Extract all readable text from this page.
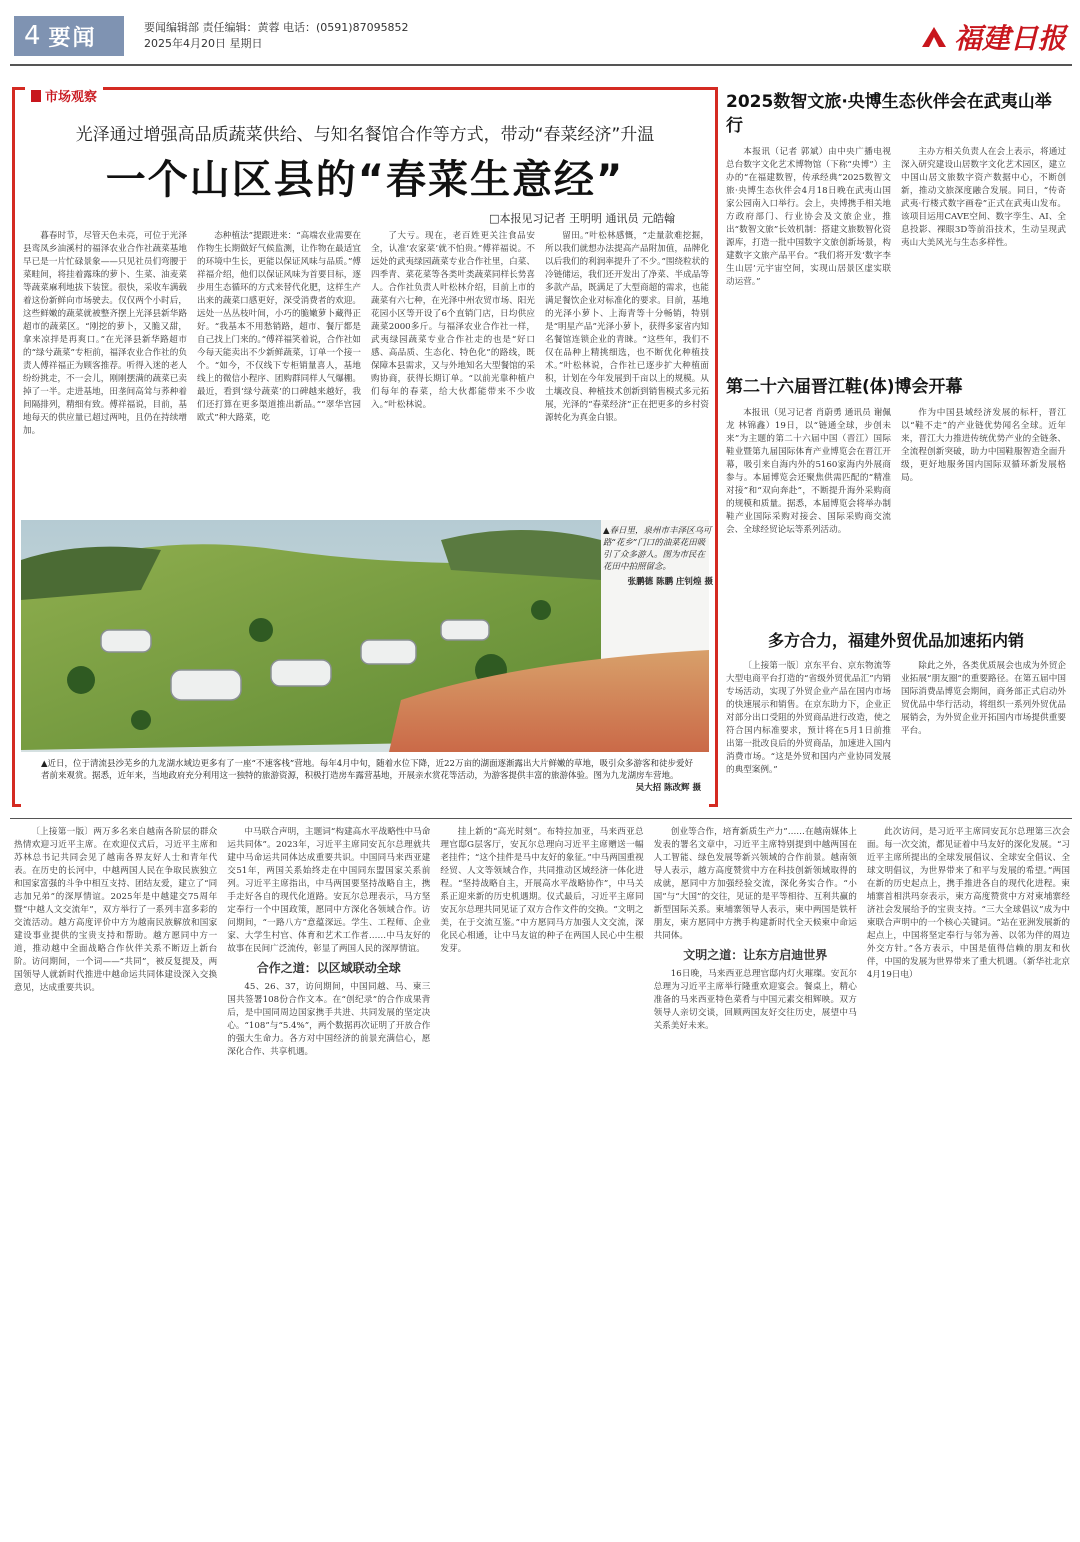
4 要闻	要闻编辑部 责任编辑：黄蓉 电话：(0591)87095852
2025年4月20日 星期日	福建日报
市场观察
光泽通过增强高品质蔬菜供给、与知名餐馆合作等方式，带动“春菜经济”升温
一个山区县的“春菜生意经”
□本报见习记者 王明明 通讯员 元皓翰

暮春时节，尽管天色未亮，可位于光泽县鸾凤乡油溪村的福泽农业合作社蔬菜基地早已是一片忙碌景象——只见社员们弯腰于菜畦间，将挂着露珠的萝卜、生菜、油麦菜等蔬菜麻利地拔下装筐。很快，采收车满载着这份新鲜向市场驶去。仅仅两个小时后，这些鲜嫩的蔬菜就被整齐摆上光泽县新华路超市的蔬菜区。“刚挖的萝卜，又脆又甜，拿来凉拌是再爽口。”在光泽县新华路超市的“绿兮蔬菜”专柜前，福泽农业合作社的负责人傅祥福正为顾客推荐。听得入迷的老人纷纷挑走，不一会儿，刚刚摆满的蔬菜已卖掉了一半。走进基地，田垄间高耸与荞种着间隔排列，精细有致。傅祥福说，目前，基地每天的供应量已超过两吨，且仍在持续增加。

态种植法”提跟进来：“高端农业需要在作物生长期做好气候监测，让作物在最适宜的环境中生长，更能以保证风味与品质。”傅祥福介绍，他们以保证风味为首要目标，逐步用生态循环的方式来替代化肥，这样生产出来的蔬菜口感更好，深受消费者的欢迎。远处一丛丛枝叶间，小巧的脆嫩萝卜藏得正好。“我基本不用愁销路，超市、餐厅都是自己找上门来的。”傅祥福笑着说，合作社如今每天能卖出不少新鲜蔬菜，订单一个接一个。“如今，不仅线下专柜销量喜人，基地线上的微信小程序、团购群同样人气爆棚。最近，看到‘绿兮蔬菜’的口碑越来越好，我们还打算在更多渠道推出新品。”“翠华宫园欧式”种大路菜，吃

了大亏。现在，老百姓更关注食品安全，认准‘农家菜’就不怕贵。”傅祥福说。不远处的武夷绿园蔬菜专业合作社里，白菜、四季青、菜花菜等各类叶类蔬菜同样长势喜人。合作社负责人叶松林介绍，目前上市的蔬菜有六七种，在光泽中州农贸市场、阳光花园小区等开设了6个直销门店，日均供应蔬菜2000多斤。与福泽农业合作社一样，武夷绿园蔬菜专业合作社走的也是“好口感、高品质、生态化、特色化”的路线，既保障本县需求，又与外地知名大型餐馆的采购协商，获得长期订单。“以前光靠种植户们每年的春菜，给大伙都能带来不少收入。”叶松林说。

留田。”叶松林感慨，“走量款难挖掘，所以我们就想办法提高产品附加值，品牌化以后我们的利润率提升了不少。”围绕粒状的冷链储运，我们还开发出了净菜、半成品等多款产品，既满足了大型商超的需求，也能满足餐饮企业对标准化的要求。目前，基地的光泽小萝卜、上海青等十分畅销，特别是“明星产品”光泽小萝卜，获得多家省内知名餐馆连锁企业的青睐。“这些年，我们不仅在品种上精挑细选，也不断优化种植技术。”叶松林说，合作社已逐步扩大种植面积，计划在今年发展到千亩以上的规模。从土壤改良、种植技术创新到销售模式多元拓展，光泽的“春菜经济”正在把更多的乡村资源转化为真金白银。

▲春日里，泉州市丰泽区乌可路“花乡”门口的油菜花田吸引了众多游人。图为市民在花田中拍照留念。

张鹏德 陈鹏 庄钊煌 摄
▲近日，位于清流县沙芜乡的九龙湖水域边更多有了一座“不速客栈”营地。每年4月中旬，随着水位下降，近22万亩的湖面逐渐露出大片鲜嫩的草地，吸引众多游客和徒步爱好者前来观赏。据悉，近年来，当地政府充分利用这一独特的旅游资源，积极打造房车露营基地，开展亲水赏花等活动，为游客提供丰富的旅游体验。图为九龙湖房车营地。
吴大招 陈改辉 摄
2025数智文旅·央博生态伙伴会在武夷山举行

本报讯（记者 郭斌）由中央广播电视总台数字文化艺术博物馆（下称“央博”）主办的“在福建数智，传承经典”2025数智文旅·央博生态伙伴会4月18日晚在武夷山国家公园南入口举行。会上，央博携手相关地方政府部门、行业协会及文旅企业，推出“数智文旅”长效机制：搭建文旅数智化资源库，打造一批中国数字文旅创新场景，构建数字文旅产品平台。“我们将开发‘数字李生山居’元宇宙空间，实现山居景区虚实联动运营。”

主办方相关负责人在会上表示，将通过深入研究建设山居数字文化艺术园区，建立中国山居文旅数字资产数据中心，不断创新，推动文旅深度融合发展。同日，“传奇武夷·行楼式数字画卷”正式在武夷山发布。该项目运用CAVE空间、数字孪生、AI、全息投影、裸眼3D等前沿技术，生动呈现武夷山大美风光与生态多样性。

第二十六届晋江鞋(体)博会开幕

本报讯（见习记者 肖蔚勇 通讯员 谢佩龙 林锦鑫）19日，以“链通全球，步创未来”为主题的第二十六届中国（晋江）国际鞋业暨第九届国际体育产业博览会在晋江开幕，吸引来自海内外的5160家海内外展商参与。本届博览会还聚焦供需匹配的“精准对接”和“双向奔赴”，不断提升海外采购商的规模和质量。据悉，本届博览会将举办制鞋产业国际采购对接会、国际采购商交流会、全球经贸论坛等系列活动。

作为中国县域经济发展的标杆，晋江以“鞋不走”的产业链优势闻名全球。近年来，晋江大力推进传统优势产业的全链条、全流程创新突破，助力中国鞋服智造全面升级，更好地服务国内国际双循环新发展格局。

多方合力，福建外贸优品加速拓内销

〔上接第一版〕京东平台、京东物流等大型电商平台打造的“省级外贸优品汇”内销专场活动，实现了外贸企业产品在国内市场的快速展示和销售。在京东助力下，企业正对部分出口受阻的外贸商品进行改造，使之符合国内标准要求，预计将在5月1日前推出第一批改良后的外贸商品，加速进入国内消费市场。“这是外贸和国内产业协同发展的典型案例。”

除此之外，各类优质展会也成为外贸企业拓展“朋友圈”的重要路径。在第五届中国国际消费品博览会期间，商务部正式启动外贸优品中华行活动，将组织一系列外贸优品展销会，为外贸企业开拓国内市场提供重要平台。

〔上接第一版〕两万多名来自越南各阶层的群众热情欢迎习近平主席。在欢迎仪式后，习近平主席和苏林总书记共同会见了越南各界友好人士和青年代表。在历史的长河中，中越两国人民在争取民族独立和国家富强的斗争中相互支持、团结友爱，建立了“同志加兄弟”的深厚情谊。2025年是中越建交75周年暨“中越人文交流年”，双方举行了一系列丰富多彩的交流活动。越方高度评价中方为越南民族解放和国家建设事业提供的宝贵支持和帮助。越方愿同中方一道，推动越中全面战略合作伙伴关系不断迈上新台阶。访问期间，一个词——“共同”，被反复提及，两国领导人就新时代推进中越命运共同体建设深入交换意见，达成重要共识。

中马联合声明，主题词“构建高水平战略性中马命运共同体”。2023年，习近平主席同安瓦尔总理就共建中马命运共同体达成重要共识。中国同马来西亚建交51年，两国关系始终走在中国同东盟国家关系前列。习近平主席指出，中马两国要坚持战略自主，携手走好各自的现代化道路。安瓦尔总理表示，马方坚定奉行一个中国政策，愿同中方深化各领域合作。访问期间，“一路八方”意蕴深远。学生、工程师、企业家、大学生村官、体育和艺术工作者……中马友好的故事在民间广泛流传，彰显了两国人民的深厚情谊。

合作之道：以区域联动全球

45、26、37，访问期间，中国同越、马、柬三国共签署108份合作文本。在“创纪录”的合作成果背后，是中国同周边国家携手共进、共同发展的坚定决心。“108”与“5.4%”，两个数据再次证明了开放合作的强大生命力。各方对中国经济的前景充满信心，愿深化合作、共享机遇。

挂上新的“高光时刻”。布特拉加亚，马来西亚总理官邸G层客厅，安瓦尔总理向习近平主席赠送一幅老挂件；“这个挂件是马中友好的象征。”中马两国重视经贸、人文等领域合作，共同推动区域经济一体化进程。“坚持战略自主，开展高水平战略协作”，中马关系正迎来新的历史机遇期。仪式最后，习近平主席同安瓦尔总理共同见证了双方合作文件的交换。“文明之美，在于交流互鉴。”中方愿同马方加强人文交流，深化民心相通，让中马友谊的种子在两国人民心中生根发芽。

创业等合作，培育新质生产力”……在越南媒体上发表的署名文章中，习近平主席特别提到中越两国在人工智能、绿色发展等新兴领域的合作前景。越南领导人表示，越方高度赞赏中方在科技创新领域取得的成就，愿同中方加强经验交流，深化务实合作。“小国”与“大国”的交往，见证的是平等相待、互利共赢的新型国际关系。柬埔寨领导人表示，柬中两国是铁杆朋友，柬方愿同中方携手构建新时代全天候柬中命运共同体。

文明之道：让东方启迪世界

16日晚，马来西亚总理官邸内灯火璀璨。安瓦尔总理为习近平主席举行隆重欢迎宴会。餐桌上，精心准备的马来西亚特色菜肴与中国元素交相辉映。双方领导人亲切交谈，回顾两国友好交往历史，展望中马关系美好未来。

此次访问，是习近平主席同安瓦尔总理第三次会面。每一次交流，都见证着中马友好的深化发展。“习近平主席所提出的全球发展倡议、全球安全倡议、全球文明倡议，为世界带来了和平与发展的希望。”两国在新的历史起点上，携手推进各自的现代化进程。柬埔寨首相洪玛奈表示，柬方高度赞赏中方对柬埔寨经济社会发展给予的宝贵支持。“三大全球倡议”成为中柬联合声明中的一个核心关键词。“站在亚洲发展新的起点上，中国将坚定奉行与邻为善、以邻为伴的周边外交方针。”各方表示，中国是值得信赖的朋友和伙伴，中国的发展为世界带来了重大机遇。（新华社北京4月19日电）
